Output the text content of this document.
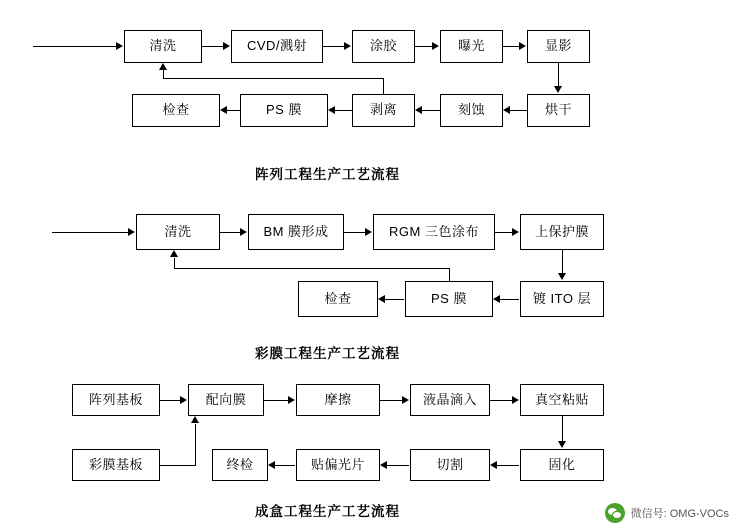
清洗	CVD/溅射	涂胶	曝光	显影
烘干
刻蚀
剥离
PS 膜
检查
阵列工程生产工艺流程
清洗	BM 膜形成	RGM 三色涂布	上保护膜
镀 ITO 层
PS 膜
检查
彩膜工程生产工艺流程
阵列基板	配向膜	摩擦	液晶滴入	真空粘贴
固化
切割
贴偏光片
终检
彩膜基板
成盒工程生产工艺流程	微信号: OMG-VOCs
